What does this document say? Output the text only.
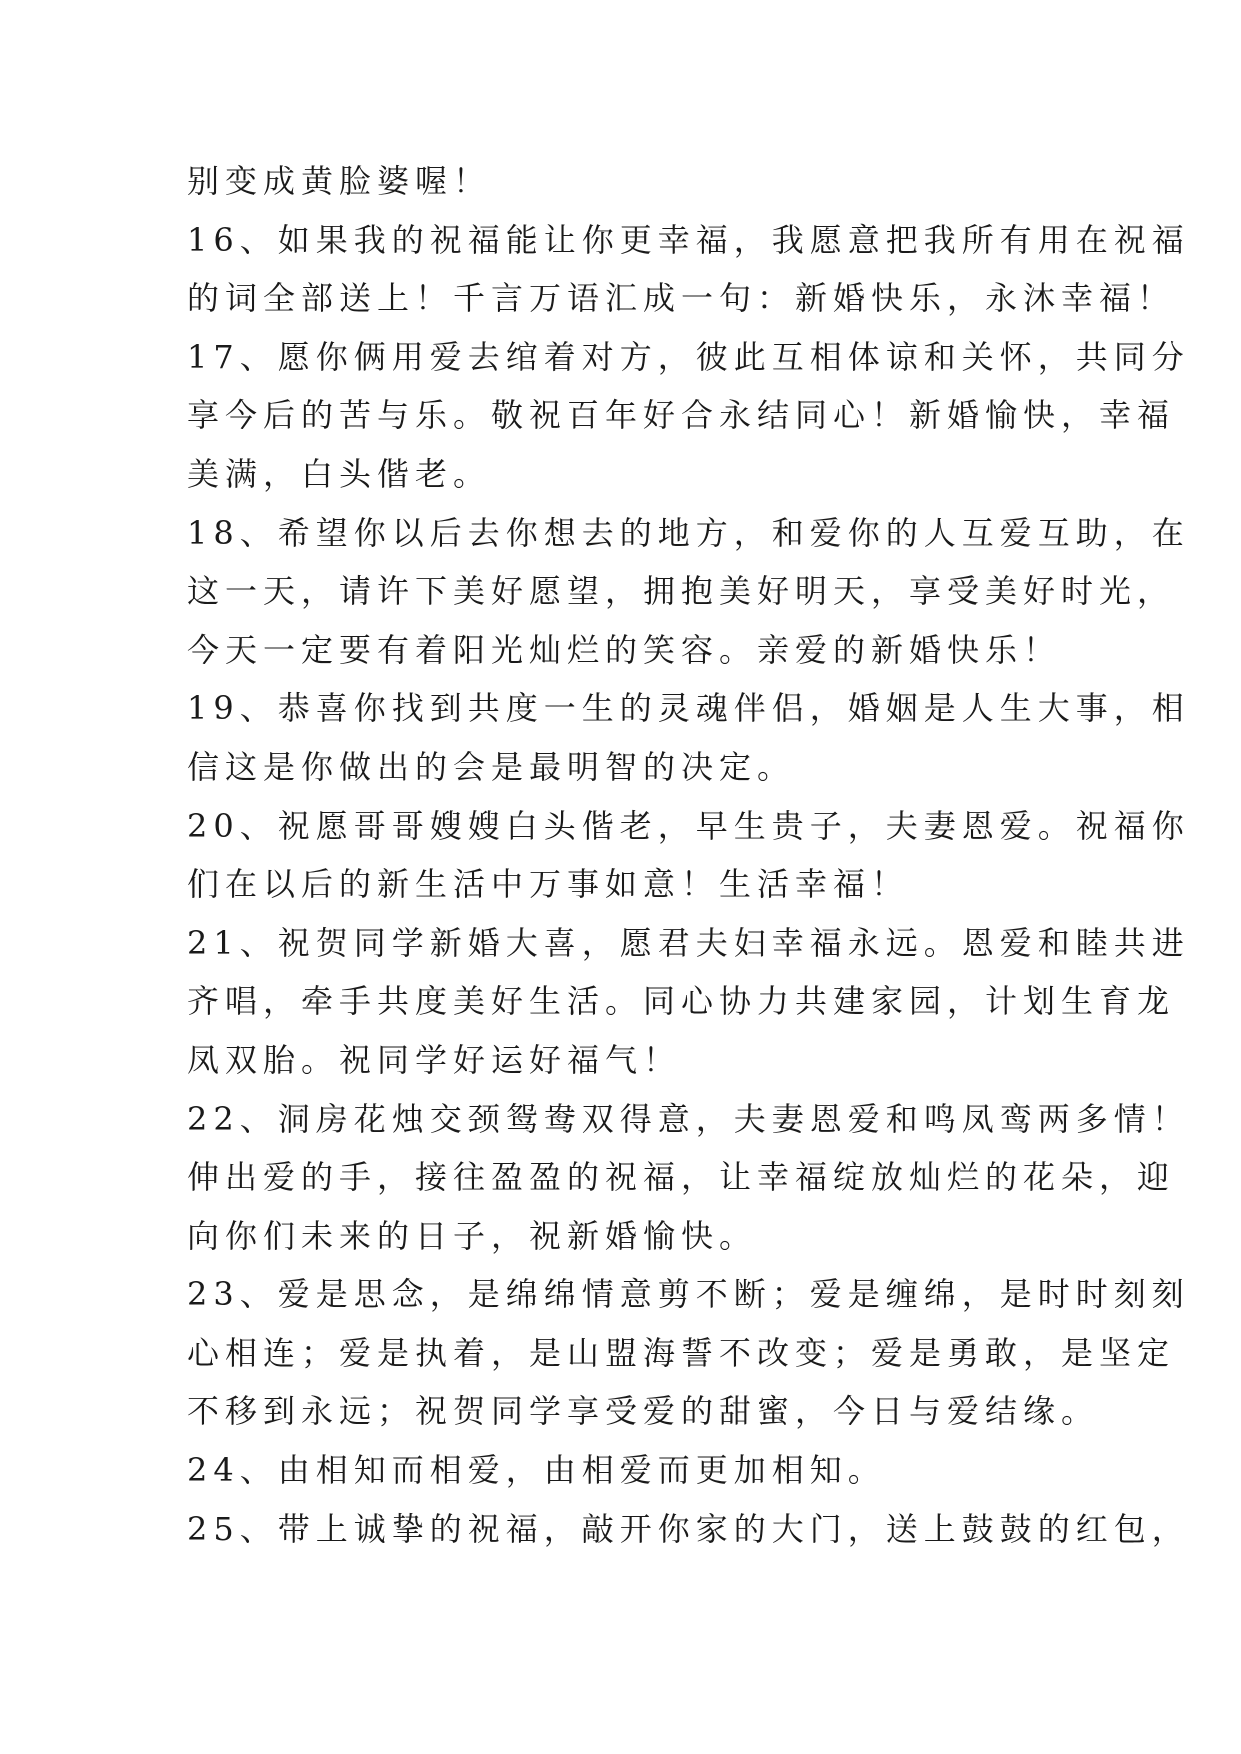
别变成黄脸婆喔！
16、如果我的祝福能让你更幸福，我愿意把我所有用在祝福
的词全部送上！千言万语汇成一句：新婚快乐，永沐幸福！
17、愿你俩用爱去绾着对方，彼此互相体谅和关怀，共同分
享今后的苦与乐。敬祝百年好合永结同心！新婚愉快，幸福
美满，白头偕老。
18、希望你以后去你想去的地方，和爱你的人互爱互助，在
这一天，请许下美好愿望，拥抱美好明天，享受美好时光，
今天一定要有着阳光灿烂的笑容。亲爱的新婚快乐！
19、恭喜你找到共度一生的灵魂伴侣，婚姻是人生大事，相
信这是你做出的会是最明智的决定。
20、祝愿哥哥嫂嫂白头偕老，早生贵子，夫妻恩爱。祝福你
们在以后的新生活中万事如意！生活幸福！
21、祝贺同学新婚大喜，愿君夫妇幸福永远。恩爱和睦共进
齐唱，牵手共度美好生活。同心协力共建家园，计划生育龙
凤双胎。祝同学好运好福气！
22、洞房花烛交颈鸳鸯双得意，夫妻恩爱和鸣凤鸾两多情！
伸出爱的手，接往盈盈的祝福，让幸福绽放灿烂的花朵，迎
向你们未来的日子，祝新婚愉快。
23、爱是思念，是绵绵情意剪不断；爱是缠绵，是时时刻刻
心相连；爱是执着，是山盟海誓不改变；爱是勇敢，是坚定
不移到永远；祝贺同学享受爱的甜蜜，今日与爱结缘。
24、由相知而相爱，由相爱而更加相知。
25、带上诚挚的祝福，敲开你家的大门，送上鼓鼓的红包，
